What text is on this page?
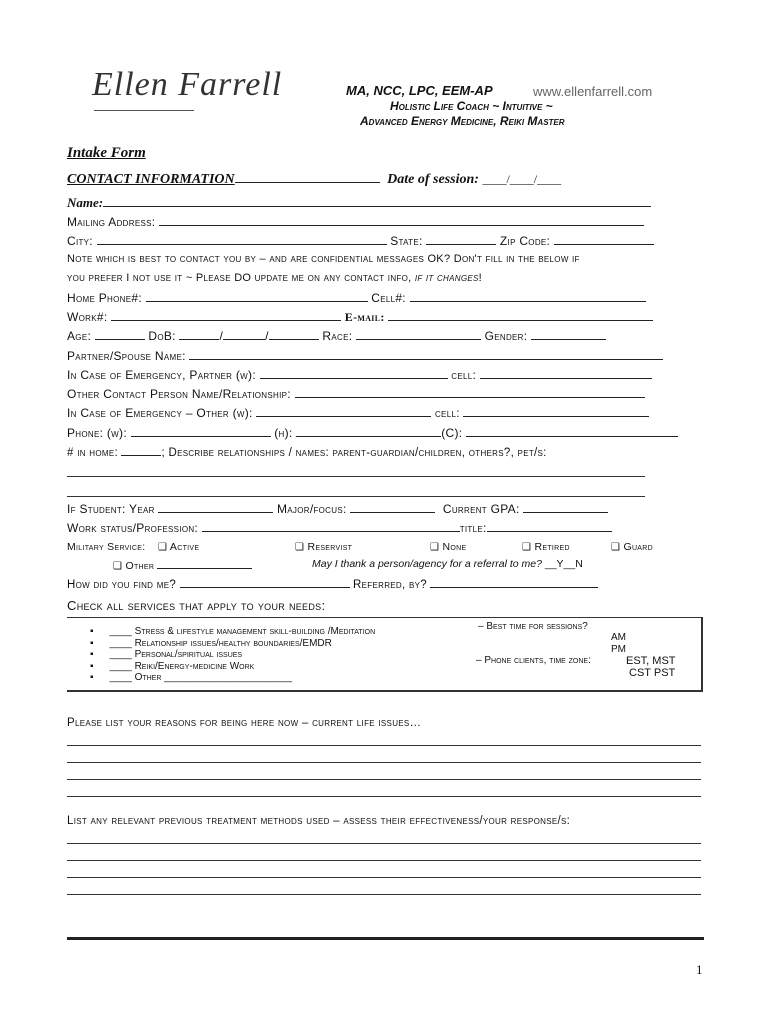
Ellen Farrell	MA, NCC, LPC, EEM-AP	www.ellenfarrell.com
Holistic Life Coach ~ Intuitive ~
Advanced Energy Medicine, Reiki Master
Intake Form
CONTACT INFORMATION	Date of session: ____/____/____
Name:
Mailing Address:
City:	State:	Zip Code:
Note which is best to contact you by – and are confidential messages OK? Don't fill in the below if
you prefer I not use it ~ Please DO update me on any contact info, if it changes!
Home Phone#:	Cell#:
Work#:	E-mail:
Age:	DoB:	/	/	Race:	Gender:
Partner/Spouse Name:
In Case of Emergency, Partner (w):	cell:
Other Contact Person Name/Relationship:
In Case of Emergency – Other (w):	cell:
Phone: (w):	(h):	(C):
# in home:	; Describe relationships / names: parent-guardian/children, others?, pet/s:
If Student: Year	Major/focus:	Current GPA:
Work status/Profession:	title:
Military Service:	❑ Active	❑ Reservist	❑ None	❑ Retired	❑ Guard
❑ Other	May I thank a person/agency for a referral to me? __Y__N
How did you find me?	Referred, by?
Check all services that apply to your needs:
▪ ____ Stress & lifestyle management skill-building /Meditation
▪ ____ Relationship issues/healthy boundaries/EMDR
▪ ____ Personal/spiritual issues
▪ ____ Reiki/Energy-medicine Work
▪ ____ Other _______________________
– Best time for sessions?
AM
PM
– Phone clients, time zone:	EST, MST
CST PST
Please list your reasons for being here now – current life issues…
List any relevant previous treatment methods used – assess their effectiveness/your response/s:
1
